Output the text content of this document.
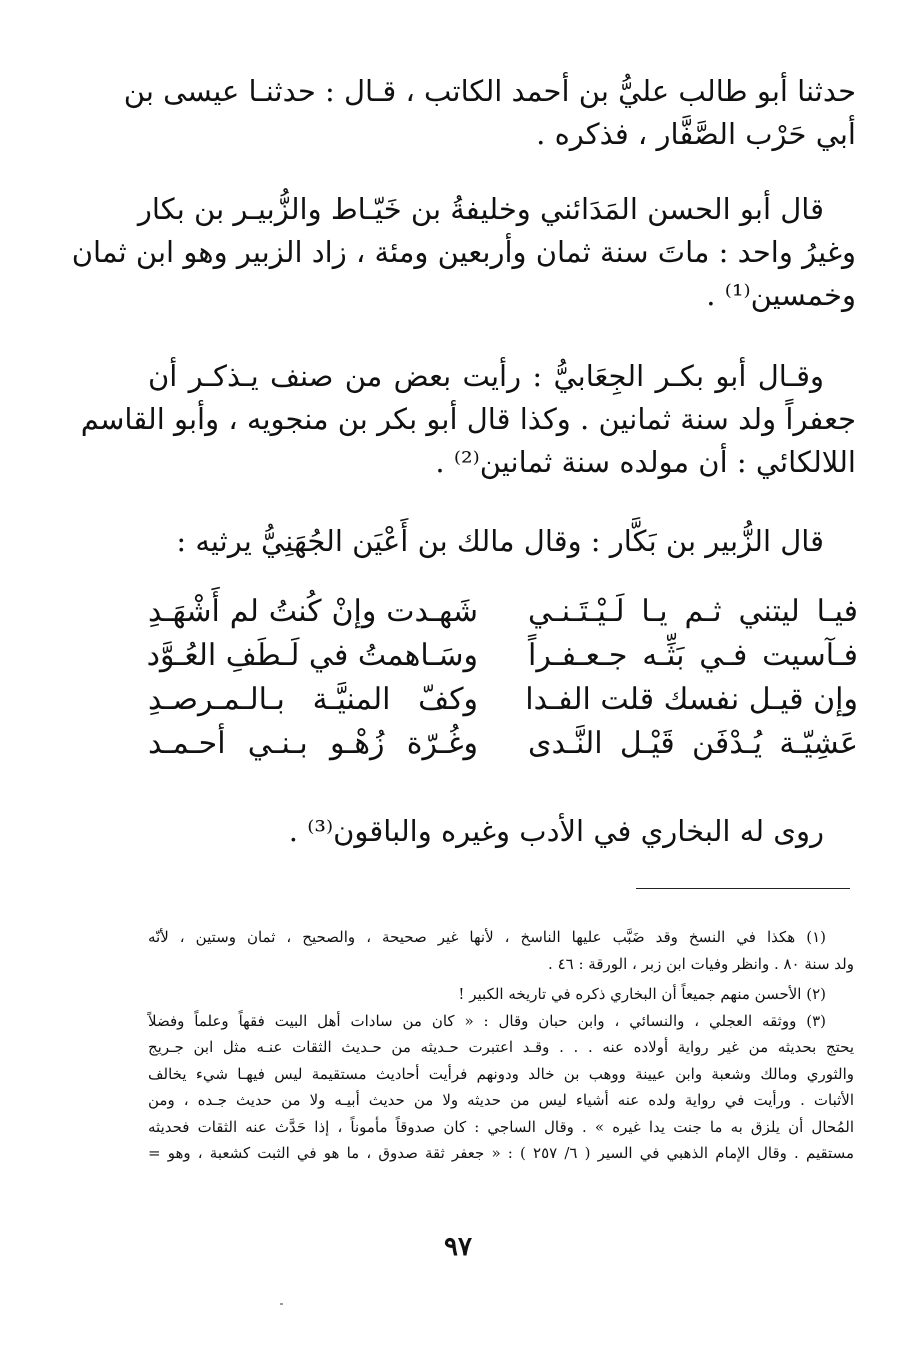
حدثنا أبو طالب عليُّ بن أحمد الكاتب ، قـال : حدثنـا عيسى بن
أبي حَرْب الصَّفَّار ، فذكره .
قال أبو الحسن المَدَائني وخليفةُ بن خَيّـاط والزُّبيـر بن بكار
وغيرُ واحد : ماتَ سنة ثمان وأربعين ومئة ، زاد الزبير وهو ابن ثمان
وخمسين⁽¹⁾ .
وقـال أبو بكـر الجِعَابيُّ : رأيت بعض من صنف يـذكـر أن
جعفراً ولد سنة ثمانين . وكذا قال أبو بكر بن منجويه ، وأبو القاسم
اللالكائي : أن مولده سنة ثمانين⁽²⁾ .
قال الزُّبير بن بَكَّار : وقال مالك بن أَعْيَن الجُهَنِيُّ يرثيه :
فيـا ليتني ثـم يـا لَـيْـتَـنـي
شَهـدت وإنْ كُنتُ لم أَشْهَـدِ
فـآسيت فـي بَثِّـه جـعـفـراً
وسَـاهمتُ في لَـطَفِ العُـوَّد
وإن قيـل نفسك قلت الفـدا
وكفّ المنيَّـة بـالـمـرصـدِ
عَشِيّـة يُـدْفَن قَيْـل النَّـدى
وغُـرّة زُهْـو بـنـي أحـمـد
روى له البخاري في الأدب وغيره والباقون⁽³⁾ .
(١) هكذا في النسخ وقد ضَبَّب عليها الناسخ ، لأنها غير صحيحة ، والصحيح ، ثمان وستين ، لأنّه
ولد سنة ٨٠ . وانظر وفيات ابن زبر ، الورقة : ٤٦ .
(٢) الأحسن منهم جميعاً أن البخاري ذكره في تاريخه الكبير !
(٣) ووثقه العجلي ، والنسائي ، وابن حبان وقال : « كان من سادات أهل البيت فقهاً وعلماً وفضلاً
يحتج بحديثه من غير رواية أولاده عنه . . . وقـد اعتبرت حـديثه من حـديث الثقات عنـه مثل ابن جـريج
والثوري ومالك وشعبة وابن عيينة ووهب بن خالد ودونهم فرأيت أحاديث مستقيمة ليس فيهـا شيء يخالف
الأثبات . ورأيت في رواية ولده عنه أشياء ليس من حديثه ولا من حديث أبيـه ولا من حديث جـده ، ومن
المُحال أن يلزق به ما جنت يدا غيره » . وقال الساجي : كان صدوقاً مأموناً ، إذا حَدَّث عنه الثقات فحديثه
مستقيم . وقال الإمام الذهبي في السير ( ٦/ ٢٥٧ ) : « جعفر ثقة صدوق ، ما هو في الثبت كشعبة ، وهو =
٩٧
